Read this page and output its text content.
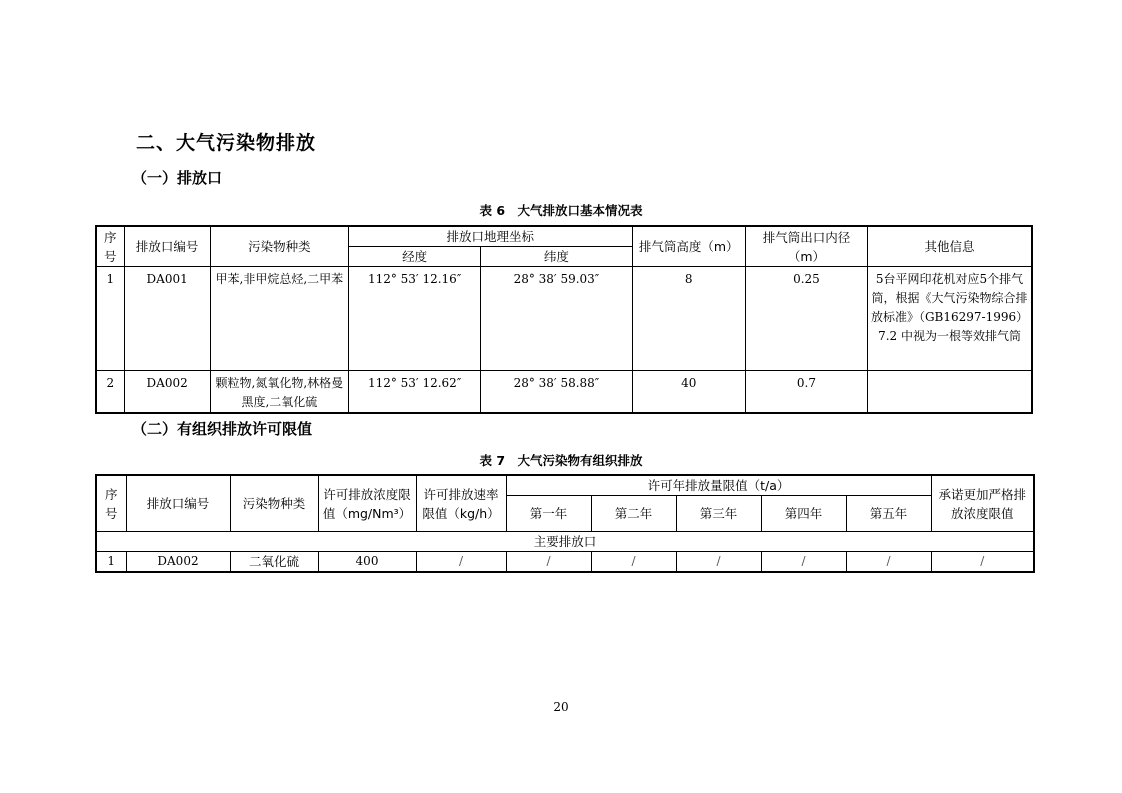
二、大气污染物排放
（一）排放口
表 6　大气排放口基本情况表
序号	排放口编号	污染物种类	排放口地理坐标		排气筒高度（m）	排气筒出口内径（m）	其他信息
			经度	纬度			
1	DA001	甲苯,非甲烷总烃,二甲苯	112° 53′ 12.16″	28° 38′ 59.03″	8	0.25	5台平网印花机对应5个排气筒，根据《大气污染物综合排放标准》（GB16297-1996）7.2 中视为一根等效排气筒
2	DA002	颗粒物,氮氧化物,林格曼黑度,二氧化硫	112° 53′ 12.62″	28° 38′ 58.88″	40	0.7	
（二）有组织排放许可限值
表 7　大气污染物有组织排放
序号	排放口编号	污染物种类	许可排放浓度限值（mg/Nm³）	许可排放速率限值（kg/h）	许可年排放量限值（t/a）					承诺更加严格排放浓度限值
					第一年	第二年	第三年	第四年	第五年	
主要排放口										
1	DA002	二氧化硫	400	/	/	/	/	/	/	/
20
